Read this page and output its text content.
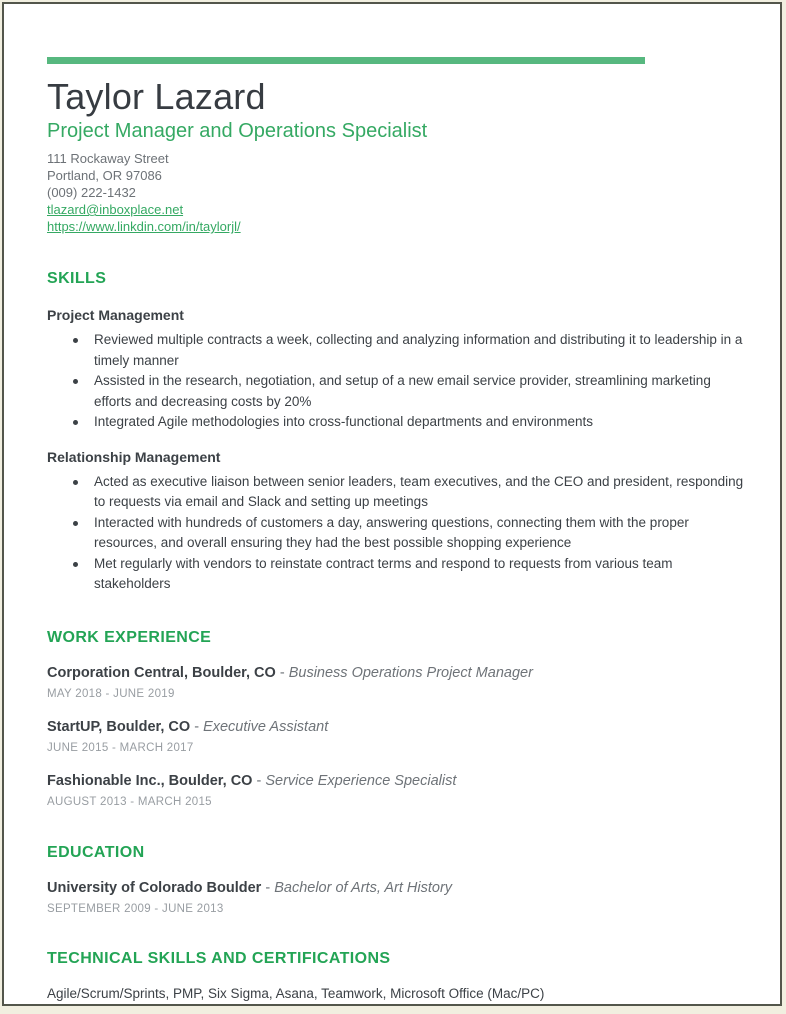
Taylor Lazard
Project Manager and Operations Specialist
111 Rockaway Street
Portland, OR 97086
(009) 222-1432
tlazard@inboxplace.net
https://www.linkdin.com/in/taylorjl/
SKILLS
Project Management
Reviewed multiple contracts a week, collecting and analyzing information and distributing it to leadership in a timely manner
Assisted in the research, negotiation, and setup of a new email service provider, streamlining marketing efforts and decreasing costs by 20%
Integrated Agile methodologies into cross-functional departments and environments
Relationship Management
Acted as executive liaison between senior leaders, team executives, and the CEO and president, responding to requests via email and Slack and setting up meetings
Interacted with hundreds of customers a day, answering questions, connecting them with the proper resources, and overall ensuring they had the best possible shopping experience
Met regularly with vendors to reinstate contract terms and respond to requests from various team stakeholders
WORK EXPERIENCE
Corporation Central, Boulder, CO - Business Operations Project Manager
MAY 2018 - JUNE 2019
StartUP, Boulder, CO - Executive Assistant
JUNE 2015 - MARCH 2017
Fashionable Inc., Boulder, CO - Service Experience Specialist
AUGUST 2013 - MARCH 2015
EDUCATION
University of Colorado Boulder - Bachelor of Arts, Art History
SEPTEMBER 2009 - JUNE 2013
TECHNICAL SKILLS AND CERTIFICATIONS
Agile/Scrum/Sprints, PMP, Six Sigma, Asana, Teamwork, Microsoft Office (Mac/PC)
